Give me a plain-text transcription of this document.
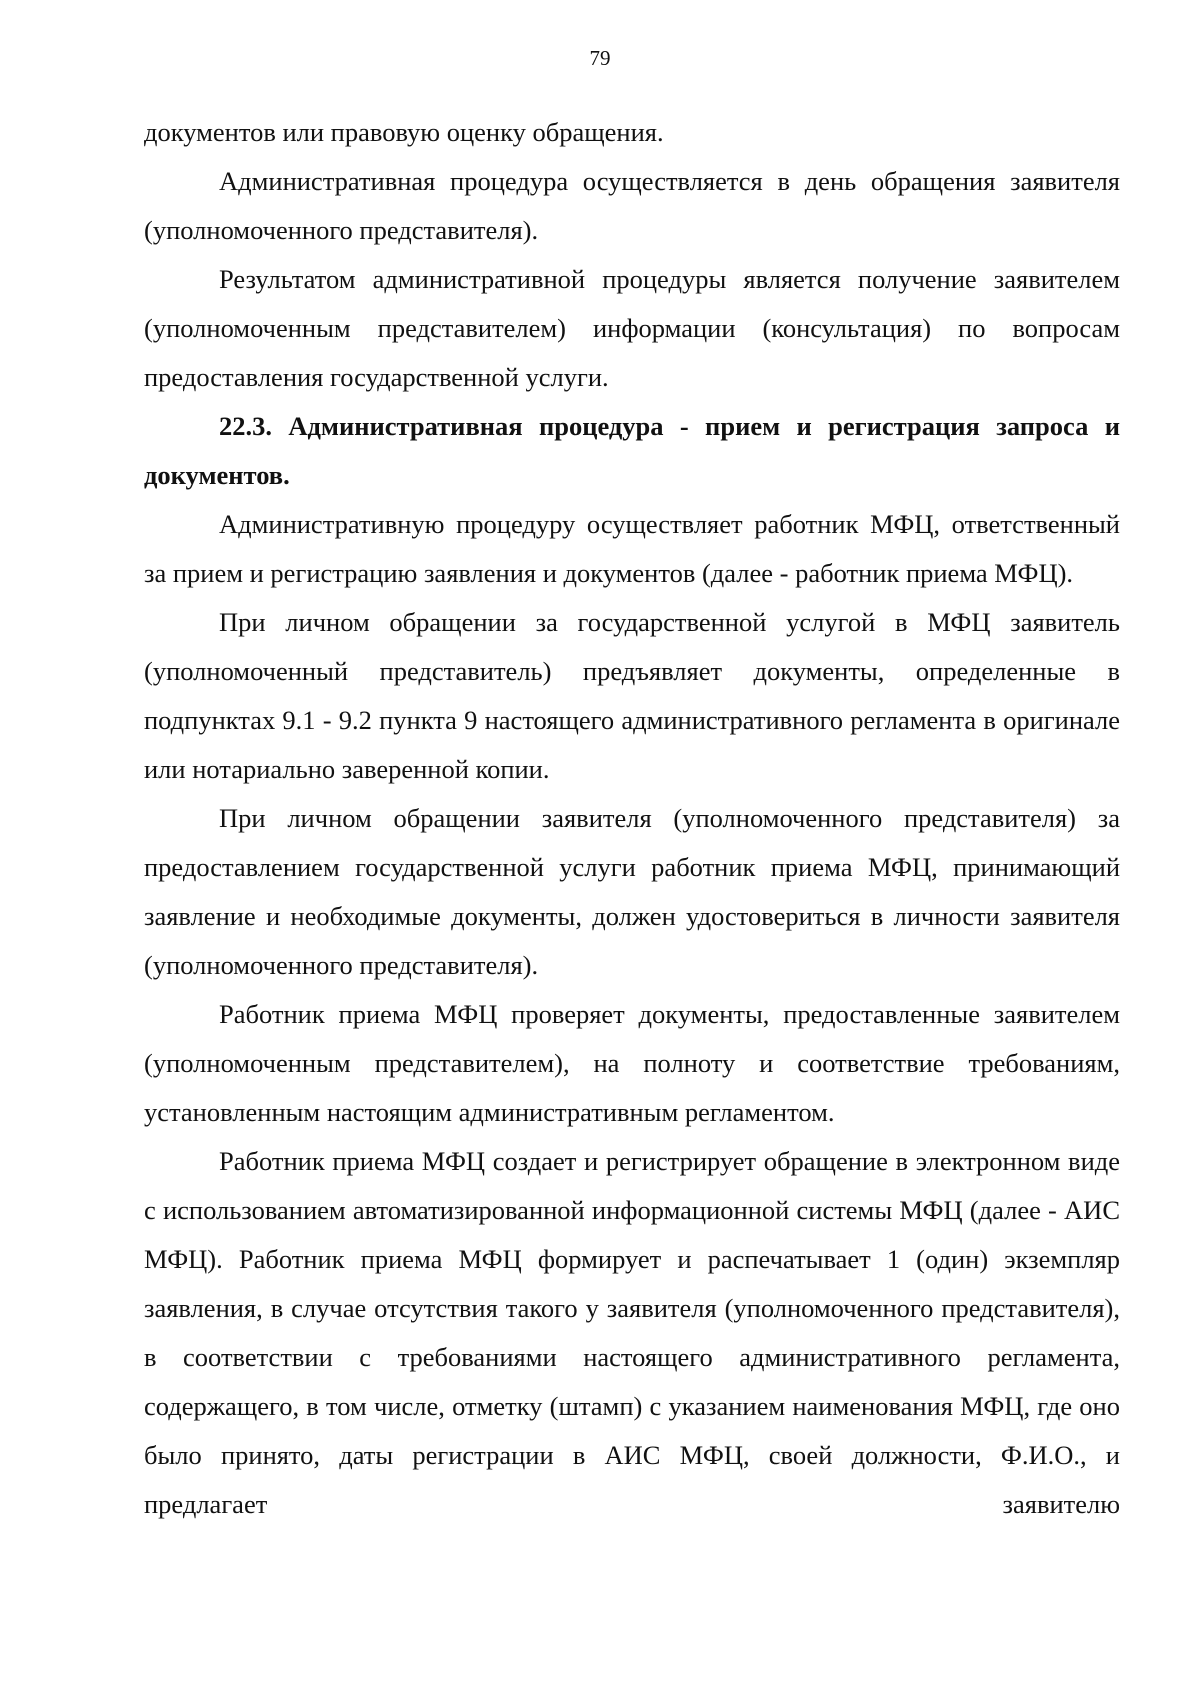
79

документов или правовую оценку обращения.

Административная процедура осуществляется в день обращения заявителя (уполномоченного представителя).

Результатом административной процедуры является получение заявителем (уполномоченным представителем) информации (консультация) по вопросам предоставления государственной услуги.

22.3. Административная процедура - прием и регистрация запроса и документов.

Административную процедуру осуществляет работник МФЦ, ответственный за прием и регистрацию заявления и документов (далее - работник приема МФЦ).

При личном обращении за государственной услугой в МФЦ заявитель (уполномоченный представитель) предъявляет документы, определенные в подпунктах 9.1 - 9.2 пункта 9 настоящего административного регламента в оригинале или нотариально заверенной копии.

При личном обращении заявителя (уполномоченного представителя) за предоставлением государственной услуги работник приема МФЦ, принимающий заявление и необходимые документы, должен удостовериться в личности заявителя (уполномоченного представителя).

Работник приема МФЦ проверяет документы, предоставленные заявителем (уполномоченным представителем), на полноту и соответствие требованиям, установленным настоящим административным регламентом.

Работник приема МФЦ создает и регистрирует обращение в электронном виде с использованием автоматизированной информационной системы МФЦ (далее - АИС МФЦ). Работник приема МФЦ формирует и распечатывает 1 (один) экземпляр заявления, в случае отсутствия такого у заявителя (уполномоченного представителя), в соответствии с требованиями настоящего административного регламента, содержащего, в том числе, отметку (штамп) с указанием наименования МФЦ, где оно было принято, даты регистрации в АИС МФЦ, своей должности, Ф.И.О., и предлагает заявителю
